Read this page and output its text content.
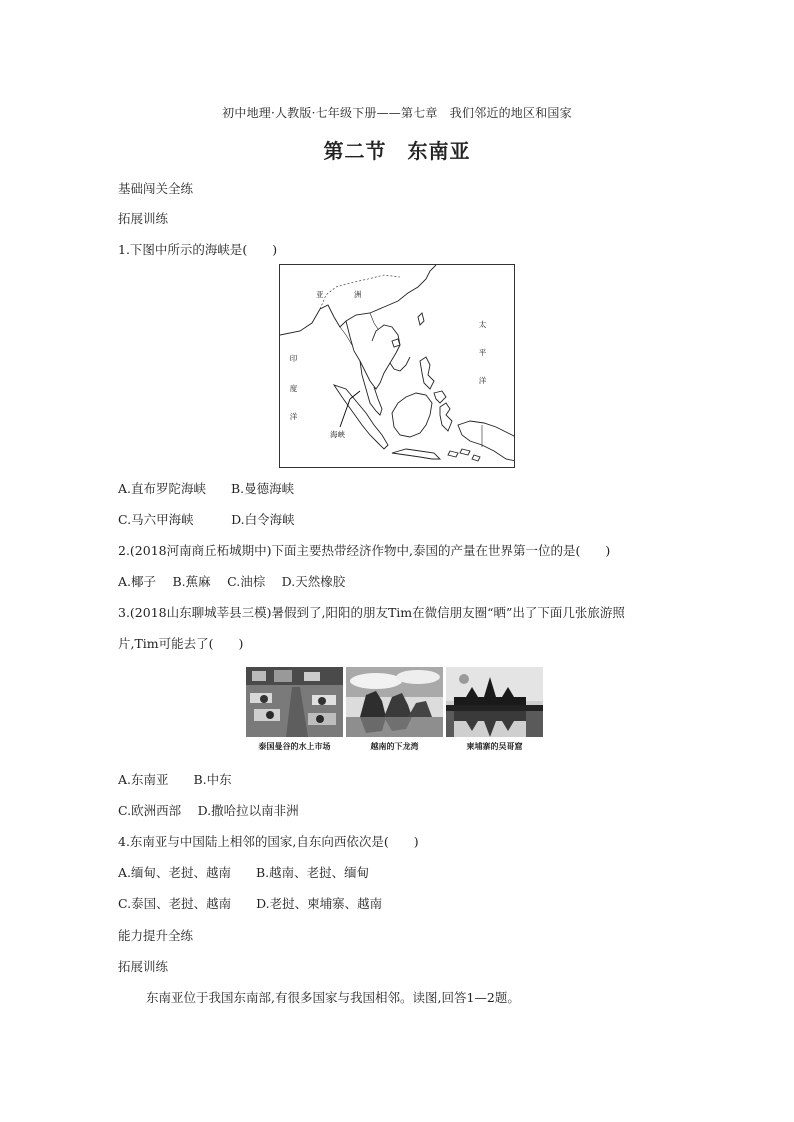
初中地理·人教版·七年级下册——第七章　我们邻近的地区和国家
第二节　东南亚
基础闯关全练
拓展训练
1.下图中所示的海峡是(　　)
亚	洲
太
平
洋
印
度
洋
海峡
A.直布罗陀海峡　　B.曼德海峡
C.马六甲海峡　　　D.白令海峡
2.(2018河南商丘柘城期中)下面主要热带经济作物中,泰国的产量在世界第一位的是(　　)
A.椰子　 B.蕉麻　 C.油棕　 D.天然橡胶
3.(2018山东聊城莘县三模)暑假到了,阳阳的朋友Tim在微信朋友圈“晒”出了下面几张旅游照
片,Tim可能去了(　　)
泰国曼谷的水上市场	越南的下龙湾	柬埔寨的吴哥窟
A.东南亚　　B.中东
C.欧洲西部　 D.撒哈拉以南非洲
4.东南亚与中国陆上相邻的国家,自东向西依次是(　　)
A.缅甸、老挝、越南　　B.越南、老挝、缅甸
C.泰国、老挝、越南　　D.老挝、柬埔寨、越南
能力提升全练
拓展训练
东南亚位于我国东南部,有很多国家与我国相邻。读图,回答1—2题。
